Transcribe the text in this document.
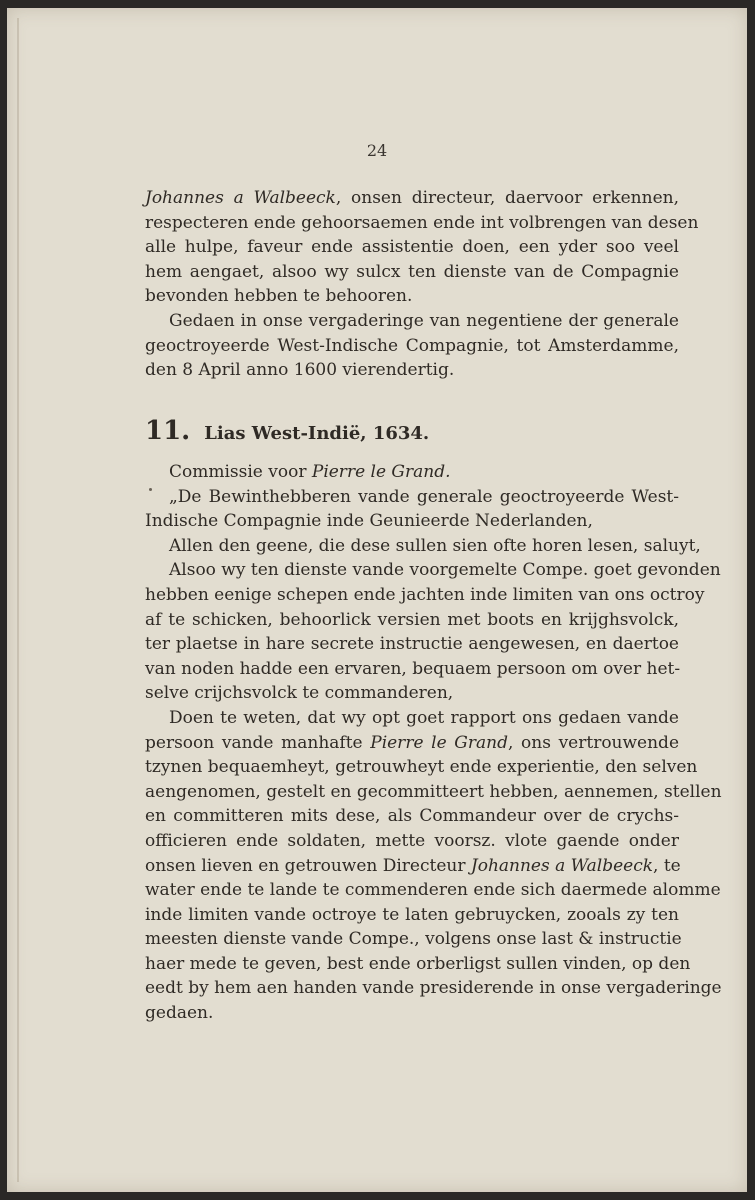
24
Johannes a Walbeeck, onsen directeur, daervoor erkennen,
respecteren ende gehoorsaemen ende int volbrengen van desen
alle hulpe, faveur ende assistentie doen, een yder soo veel
hem aengaet, alsoo wy sulcx ten dienste van de Compagnie
bevonden hebben te behooren.
Gedaen in onse vergaderinge van negentiene der generale
geoctroyeerde West-Indische Compagnie, tot Amsterdamme,
den 8 April anno 1600 vierendertig.
11. Lias West-Indië, 1634.
Commissie voor Pierre le Grand.
„De Bewinthebberen vande generale geoctroyeerde West-
Indische Compagnie inde Geunieerde Nederlanden,
Allen den geene, die dese sullen sien ofte horen lesen, saluyt,
Alsoo wy ten dienste vande voorgemelte Compe. goet gevonden
hebben eenige schepen ende jachten inde limiten van ons octroy
af te schicken, behoorlick versien met boots en krijghsvolck,
ter plaetse in hare secrete instructie aengewesen, en daertoe
van noden hadde een ervaren, bequaem persoon om over het-
selve crijchsvolck te commanderen,
Doen te weten, dat wy opt goet rapport ons gedaen vande
persoon vande manhafte Pierre le Grand, ons vertrouwende
tzynen bequaemheyt, getrouwheyt ende experientie, den selven
aengenomen, gestelt en gecommitteert hebben, aennemen, stellen
en committeren mits dese, als Commandeur over de crychs-
officieren ende soldaten, mette voorsz. vlote gaende onder
onsen lieven en getrouwen Directeur Johannes a Walbeeck, te
water ende te lande te commenderen ende sich daermede alomme
inde limiten vande octroye te laten gebruycken, zooals zy ten
meesten dienste vande Compe., volgens onse last & instructie
haer mede te geven, best ende orberligst sullen vinden, op den
eedt by hem aen handen vande presiderende in onse vergaderinge
gedaen.
